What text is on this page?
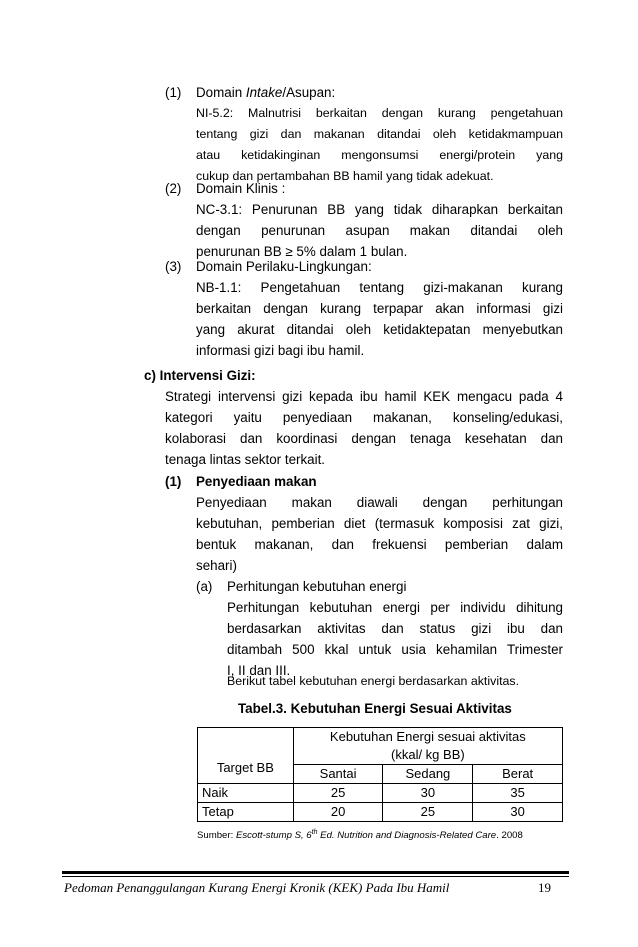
(1) Domain Intake/Asupan:
NI-5.2: Malnutrisi berkaitan dengan kurang pengetahuan
tentang gizi dan makanan ditandai oleh ketidakmampuan
atau ketidakinginan mengonsumsi energi/protein yang
cukup dan pertambahan BB hamil yang tidak adekuat.
(2) Domain Klinis :
NC-3.1: Penurunan BB yang tidak diharapkan berkaitan
dengan penurunan asupan makan ditandai oleh
penurunan BB ≥ 5% dalam 1 bulan.
(3) Domain Perilaku-Lingkungan:
NB-1.1: Pengetahuan tentang gizi-makanan kurang
berkaitan dengan kurang terpapar akan informasi gizi
yang akurat ditandai oleh ketidaktepatan menyebutkan
informasi gizi bagi ibu hamil.
c) Intervensi Gizi:
Strategi intervensi gizi kepada ibu hamil KEK mengacu pada 4
kategori yaitu penyediaan makanan, konseling/edukasi,
kolaborasi dan koordinasi dengan tenaga kesehatan dan
tenaga lintas sektor terkait.
(1) Penyediaan makan
Penyediaan makan diawali dengan perhitungan
kebutuhan, pemberian diet (termasuk komposisi zat gizi,
bentuk makanan, dan frekuensi pemberian dalam
sehari)
(a) Perhitungan kebutuhan energi
Perhitungan kebutuhan energi per individu dihitung
berdasarkan aktivitas dan status gizi ibu dan
ditambah 500 kkal untuk usia kehamilan Trimester
I, II dan III.
Berikut tabel kebutuhan energi berdasarkan aktivitas.
Tabel.3. Kebutuhan Energi Sesuai Aktivitas
Target BB	Kebutuhan Energi sesuai aktivitas
(kkal/ kg BB)		

	Santai	Sedang	Berat
Naik	25	30	35
Tetap	20	25	30
Sumber: Escott-stump S, 6th Ed. Nutrition and Diagnosis-Related Care. 2008
Pedoman Penanggulangan Kurang Energi Kronik (KEK) Pada Ibu Hamil	19
